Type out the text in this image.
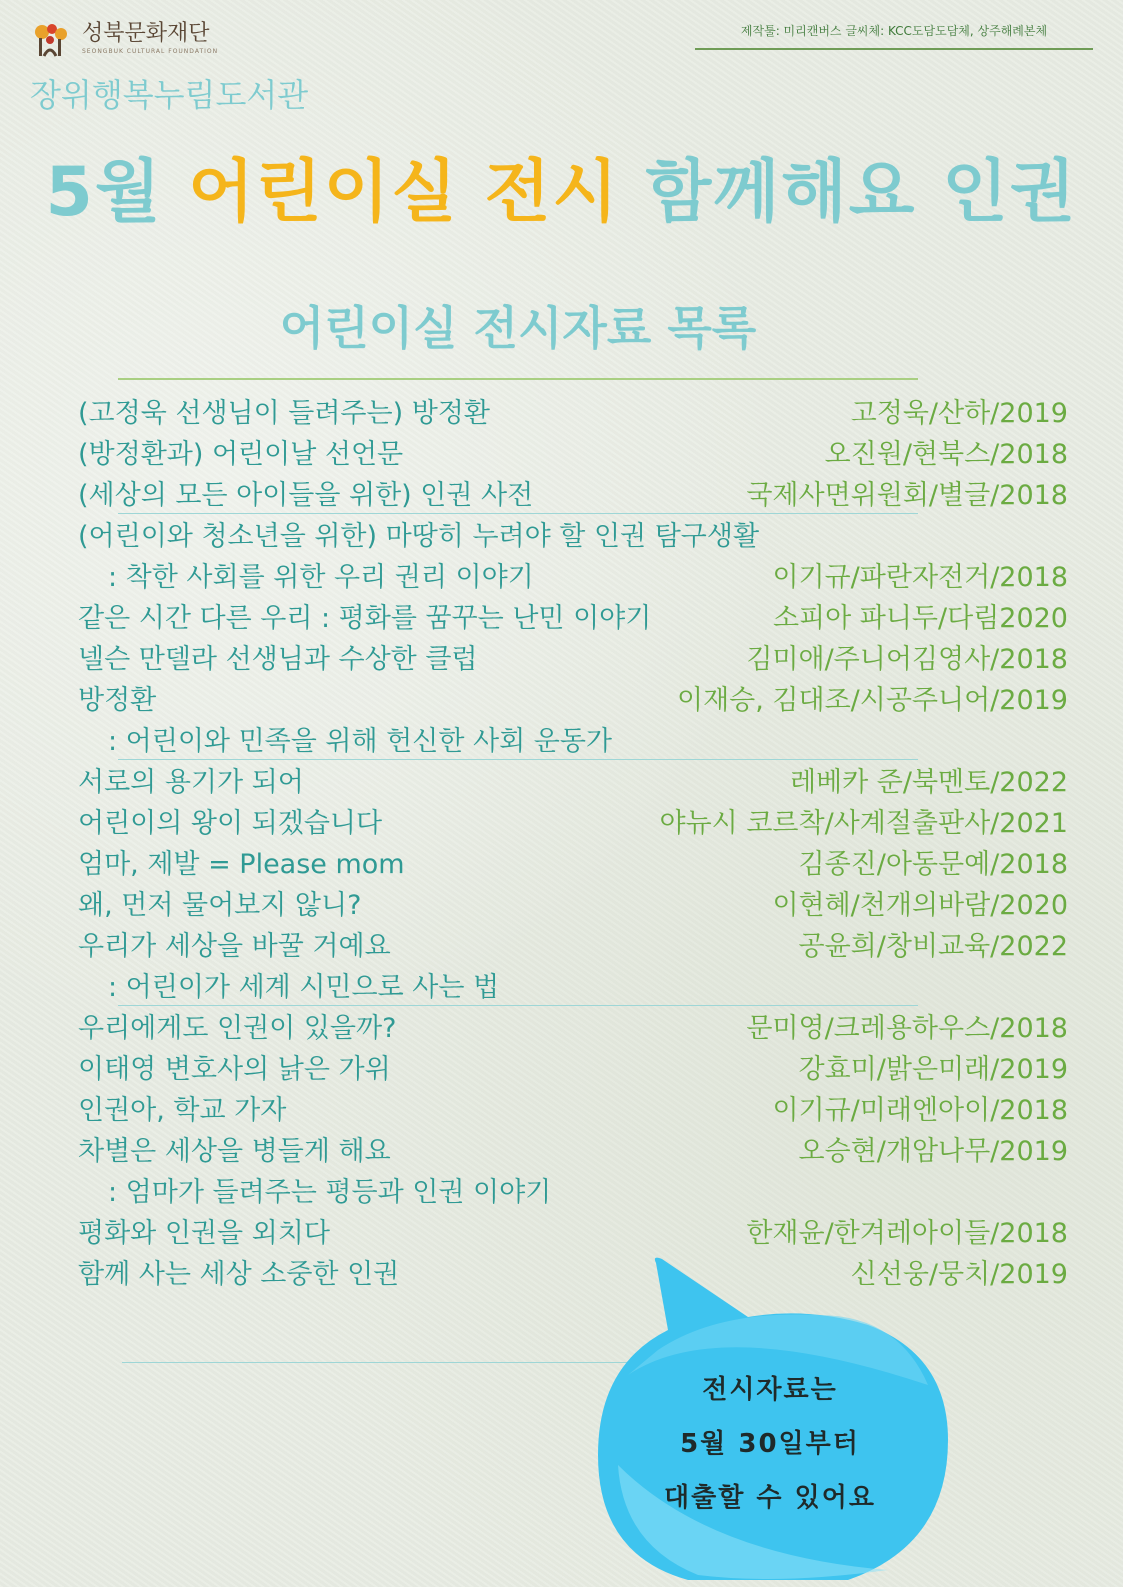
성북문화재단
SEONGBUK CULTURAL FOUNDATION
장위행복누림도서관
제작툴: 미리캔버스 글씨체: KCC도담도담체, 상주해례본체
5월 어린이실 전시 함께해요 인권
어린이실 전시자료 목록
(고정욱 선생님이 들려주는) 방정환	고정욱/산하/2019
(방정환과) 어린이날 선언문	오진원/현북스/2018
(세상의 모든 아이들을 위한) 인권 사전	국제사면위원회/별글/2018
(어린이와 청소년을 위한) 마땅히 누려야 할 인권 탐구생활
: 착한 사회를 위한 우리 권리 이야기	이기규/파란자전거/2018
같은 시간 다른 우리 : 평화를 꿈꾸는 난민 이야기	소피아 파니두/다림2020
넬슨 만델라 선생님과 수상한 클럽	김미애/주니어김영사/2018
방정환	이재승, 김대조/시공주니어/2019
: 어린이와 민족을 위해 헌신한 사회 운동가
서로의 용기가 되어	레베카 준/북멘토/2022
어린이의 왕이 되겠습니다	야뉴시 코르착/사계절출판사/2021
엄마, 제발 = Please mom	김종진/아동문예/2018
왜, 먼저 물어보지 않니?	이현혜/천개의바람/2020
우리가 세상을 바꿀 거예요	공윤희/창비교육/2022
: 어린이가 세계 시민으로 사는 법
우리에게도 인권이 있을까?	문미영/크레용하우스/2018
이태영 변호사의 낡은 가위	강효미/밝은미래/2019
인권아, 학교 가자	이기규/미래엔아이/2018
차별은 세상을 병들게 해요	오승현/개암나무/2019
: 엄마가 들려주는 평등과 인권 이야기
평화와 인권을 외치다	한재윤/한겨레아이들/2018
함께 사는 세상 소중한 인권	신선웅/뭉치/2019
전시자료는
5월 30일부터
대출할 수 있어요
